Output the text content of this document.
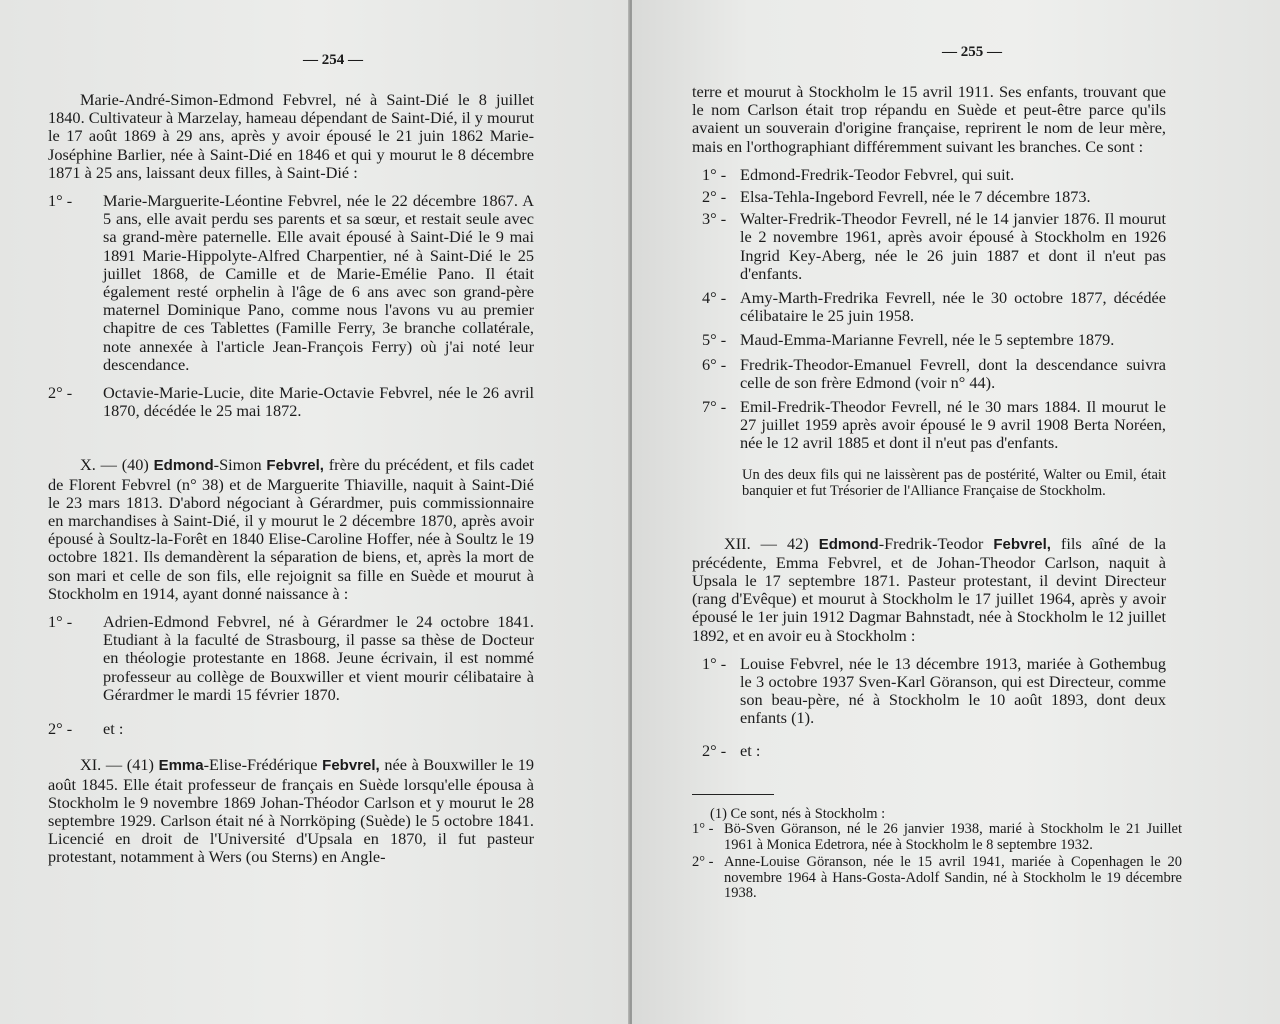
— 254 —

Marie-André-Simon-Edmond Febvrel, né à Saint-Dié le 8 juillet 1840. Cultivateur à Marzelay, hameau dépendant de Saint-Dié, il y mourut le 17 août 1869 à 29 ans, après y avoir épousé le 21 juin 1862 Marie-Joséphine Barlier, née à Saint-Dié en 1846 et qui y mourut le 8 décembre 1871 à 25 ans, laissant deux filles, à Saint-Dié :

1° -	Marie-Marguerite-Léontine Febvrel, née le 22 décembre 1867. A 5 ans, elle avait perdu ses parents et sa sœur, et restait seule avec sa grand-mère paternelle. Elle avait épousé à Saint-Dié le 9 mai 1891 Marie-Hippolyte-Alfred Charpentier, né à Saint-Dié le 25 juillet 1868, de Camille et de Marie-Emélie Pano. Il était également resté orphelin à l'âge de 6 ans avec son grand-père maternel Dominique Pano, comme nous l'avons vu au premier chapitre de ces Tablettes (Famille Ferry, 3e branche collatérale, note annexée à l'article Jean-François Ferry) où j'ai noté leur descendance.
2° -	Octavie-Marie-Lucie, dite Marie-Octavie Febvrel, née le 26 avril 1870, décédée le 25 mai 1872.

X. — (40) Edmond-Simon Febvrel, frère du précédent, et fils cadet de Florent Febvrel (n° 38) et de Marguerite Thiaville, naquit à Saint-Dié le 23 mars 1813. D'abord négociant à Gérardmer, puis commissionnaire en marchandises à Saint-Dié, il y mourut le 2 décembre 1870, après avoir épousé à Soultz-la-Forêt en 1840 Elise-Caroline Hoffer, née à Soultz le 19 octobre 1821. Ils demandèrent la séparation de biens, et, après la mort de son mari et celle de son fils, elle rejoignit sa fille en Suède et mourut à Stockholm en 1914, ayant donné naissance à :

1° -	Adrien-Edmond Febvrel, né à Gérardmer le 24 octobre 1841. Etudiant à la faculté de Strasbourg, il passe sa thèse de Docteur en théologie protestante en 1868. Jeune écrivain, il est nommé professeur au collège de Bouxwiller et vient mourir célibataire à Gérardmer le mardi 15 février 1870.
2° -	et :

XI. — (41) Emma-Elise-Frédérique Febvrel, née à Bouxwiller le 19 août 1845. Elle était professeur de français en Suède lorsqu'elle épousa à Stockholm le 9 novembre 1869 Johan-Théodor Carlson et y mourut le 28 septembre 1929. Carlson était né à Norrköping (Suède) le 5 octobre 1841. Licencié en droit de l'Université d'Upsala en 1870, il fut pasteur protestant, notamment à Wers (ou Sterns) en Angle-

— 255 —

terre et mourut à Stockholm le 15 avril 1911. Ses enfants, trouvant que le nom Carlson était trop répandu en Suède et peut-être parce qu'ils avaient un souverain d'origine française, reprirent le nom de leur mère, mais en l'orthographiant différemment suivant les branches. Ce sont :

1° - Edmond-Fredrik-Teodor Febvrel, qui suit.
2° - Elsa-Tehla-Ingebord Fevrell, née le 7 décembre 1873.
3° - Walter-Fredrik-Theodor Fevrell, né le 14 janvier 1876. Il mourut le 2 novembre 1961, après avoir épousé à Stockholm en 1926 Ingrid Key-Aberg, née le 26 juin 1887 et dont il n'eut pas d'enfants.
4° - Amy-Marth-Fredrika Fevrell, née le 30 octobre 1877, décédée célibataire le 25 juin 1958.
5° - Maud-Emma-Marianne Fevrell, née le 5 septembre 1879.
6° - Fredrik-Theodor-Emanuel Fevrell, dont la descendance suivra celle de son frère Edmond (voir n° 44).
7° - Emil-Fredrik-Theodor Fevrell, né le 30 mars 1884. Il mourut le 27 juillet 1959 après avoir épousé le 9 avril 1908 Berta Noréen, née le 12 avril 1885 et dont il n'eut pas d'enfants.

Un des deux fils qui ne laissèrent pas de postérité, Walter ou Emil, était banquier et fut Trésorier de l'Alliance Française de Stockholm.

XII. — 42) Edmond-Fredrik-Teodor Febvrel, fils aîné de la précédente, Emma Febvrel, et de Johan-Theodor Carlson, naquit à Upsala le 17 septembre 1871. Pasteur protestant, il devint Directeur (rang d'Evêque) et mourut à Stockholm le 17 juillet 1964, après y avoir épousé le 1er juin 1912 Dagmar Bahnstadt, née à Stockholm le 12 juillet 1892, et en avoir eu à Stockholm :

1° - Louise Febvrel, née le 13 décembre 1913, mariée à Gothembug le 3 octobre 1937 Sven-Karl Göranson, qui est Directeur, comme son beau-père, né à Stockholm le 10 août 1893, dont deux enfants (1).
2° - et :
(1) Ce sont, nés à Stockholm :
1° - Bö-Sven Göranson, né le 26 janvier 1938, marié à Stockholm le 21 Juillet 1961 à Monica Edetrora, née à Stockholm le 8 septembre 1932.
2° - Anne-Louise Göranson, née le 15 avril 1941, mariée à Copenhagen le 20 novembre 1964 à Hans-Gosta-Adolf Sandin, né à Stockholm le 19 décembre 1938.
